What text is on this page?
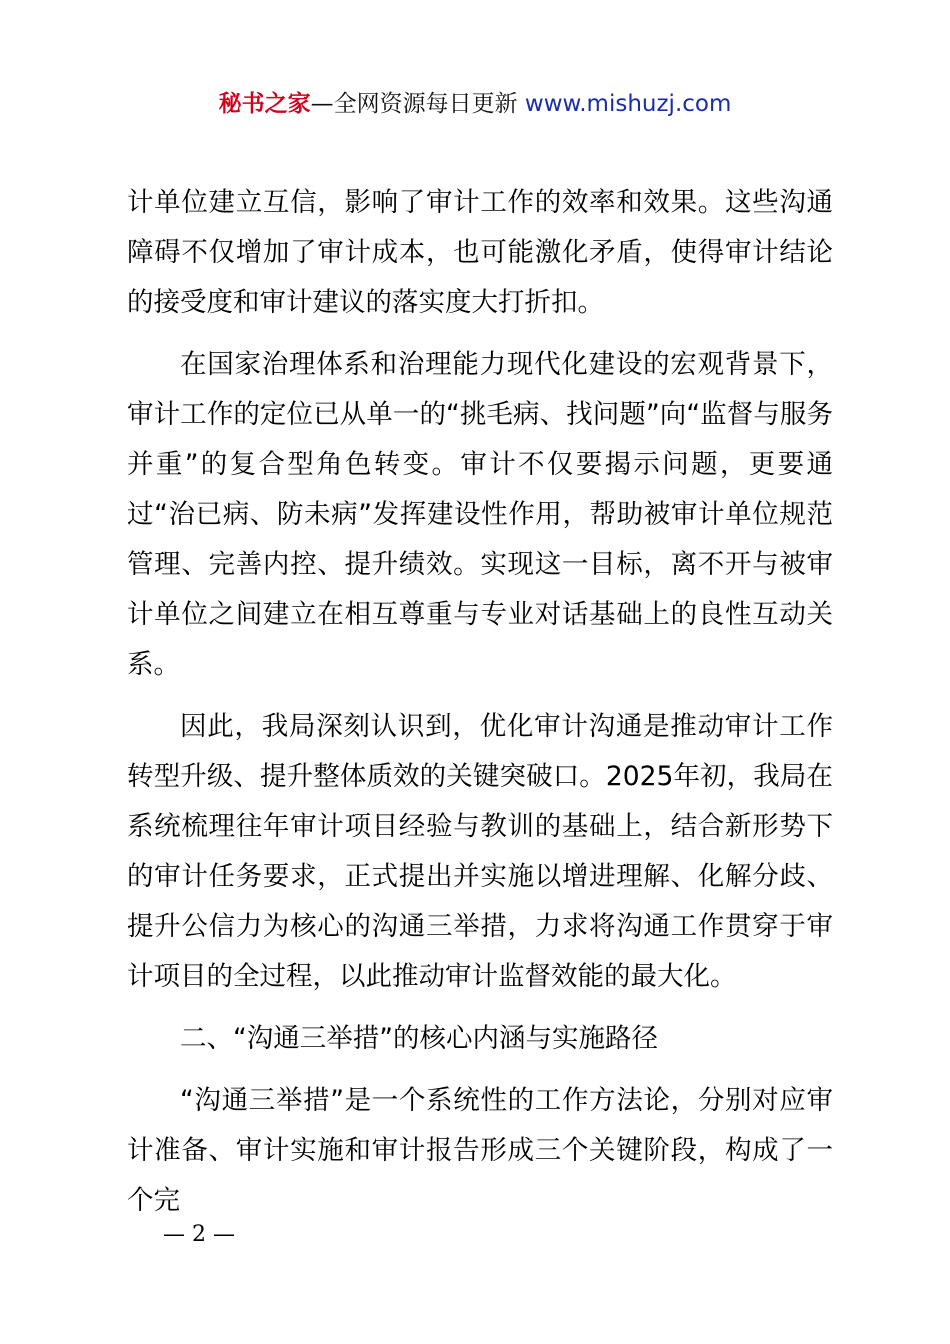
秘书之家—全网资源每日更新 www.mishuzj.com

计单位建立互信，影响了审计工作的效率和效果。这些沟通障碍不仅增加了审计成本，也可能激化矛盾，使得审计结论的接受度和审计建议的落实度大打折扣。

在国家治理体系和治理能力现代化建设的宏观背景下，审计工作的定位已从单一的“挑毛病、找问题”向“监督与服务并重”的复合型角色转变。审计不仅要揭示问题，更要通过“治已病、防未病”发挥建设性作用，帮助被审计单位规范管理、完善内控、提升绩效。实现这一目标，离不开与被审计单位之间建立在相互尊重与专业对话基础上的良性互动关系。

因此，我局深刻认识到，优化审计沟通是推动审计工作转型升级、提升整体质效的关键突破口。2025年初，我局在系统梳理往年审计项目经验与教训的基础上，结合新形势下的审计任务要求，正式提出并实施以增进理解、化解分歧、提升公信力为核心的沟通三举措，力求将沟通工作贯穿于审计项目的全过程，以此推动审计监督效能的最大化。

二、“沟通三举措”的核心内涵与实施路径

“沟通三举措”是一个系统性的工作方法论，分别对应审计准备、审计实施和审计报告形成三个关键阶段，构成了一个完

— 2 —
